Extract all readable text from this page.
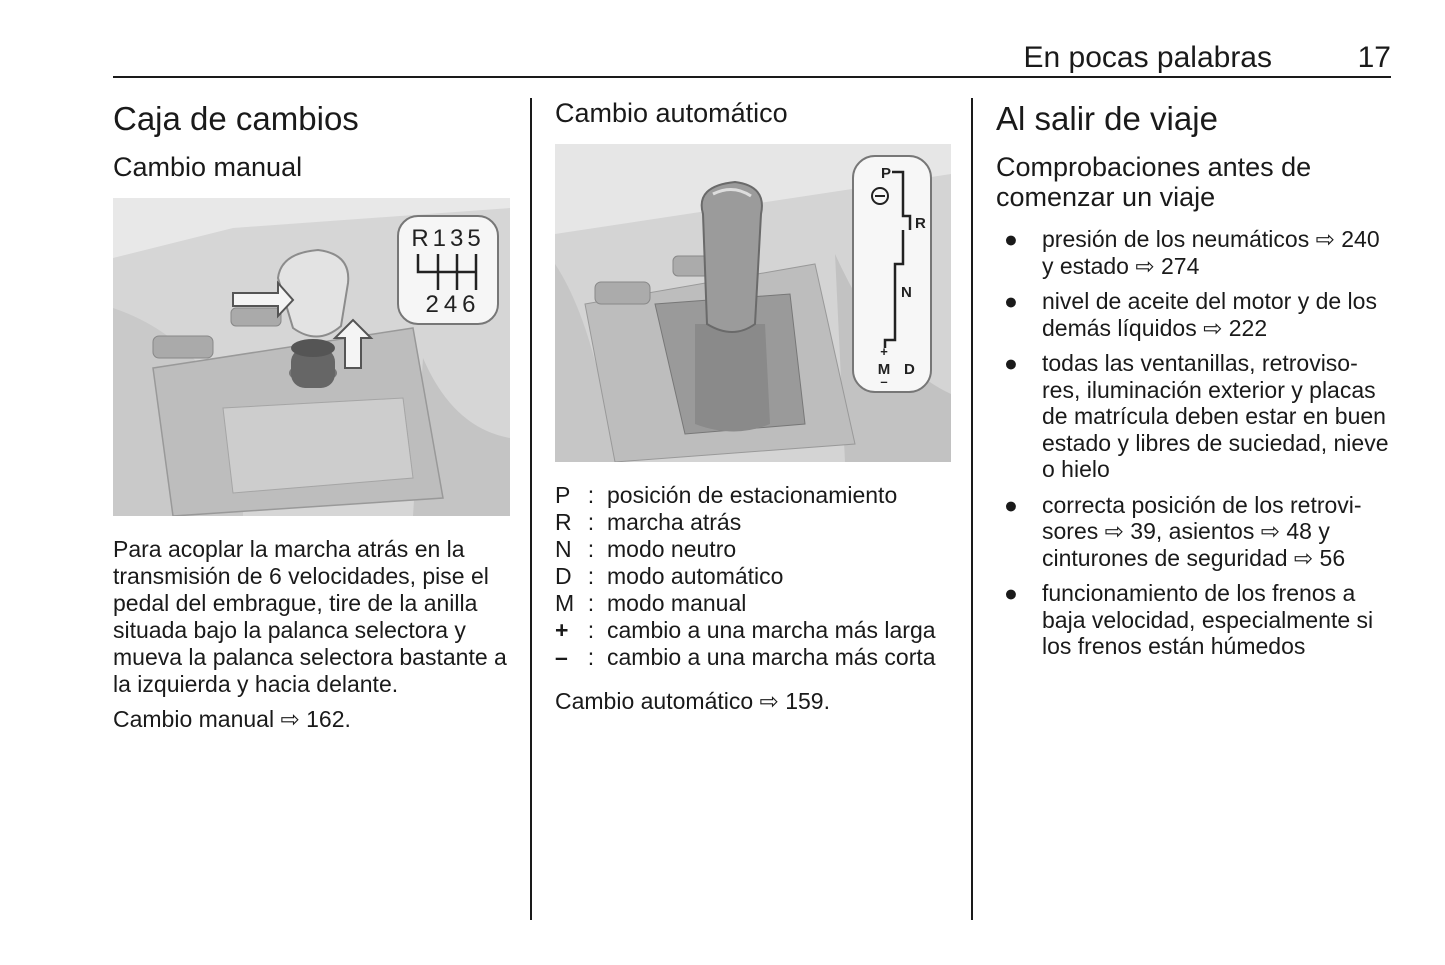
En pocas palabras	17
Caja de cambios
Cambio manual
R135
246

Para acoplar la marcha atrás en la transmisión de 6 velocidades, pise el pedal del embrague, tire de la anilla situada bajo la palanca selectora y mueva la palanca selectora bastante a la izquierda y hacia delante.

Cambio manual ⇨ 162.

Cambio automático
P
R
N
+
M
–
D
P : posición de estacionamiento
R : marcha atrás
N : modo neutro
D : modo automático
M : modo manual
+ : cambio a una marcha más larga
– : cambio a una marcha más corta

Cambio automático ⇨ 159.

Al salir de viaje
Comprobaciones antes de comenzar un viaje
● presión de los neumáticos ⇨ 240 y estado ⇨ 274
● nivel de aceite del motor y de los demás líquidos ⇨ 222
● todas las ventanillas, retroviso-res, iluminación exterior y placas de matrícula deben estar en buen estado y libres de suciedad, nieve o hielo
● correcta posición de los retrovi-sores ⇨ 39, asientos ⇨ 48 y cinturones de seguridad ⇨ 56
● funcionamiento de los frenos a baja velocidad, especialmente si los frenos están húmedos
